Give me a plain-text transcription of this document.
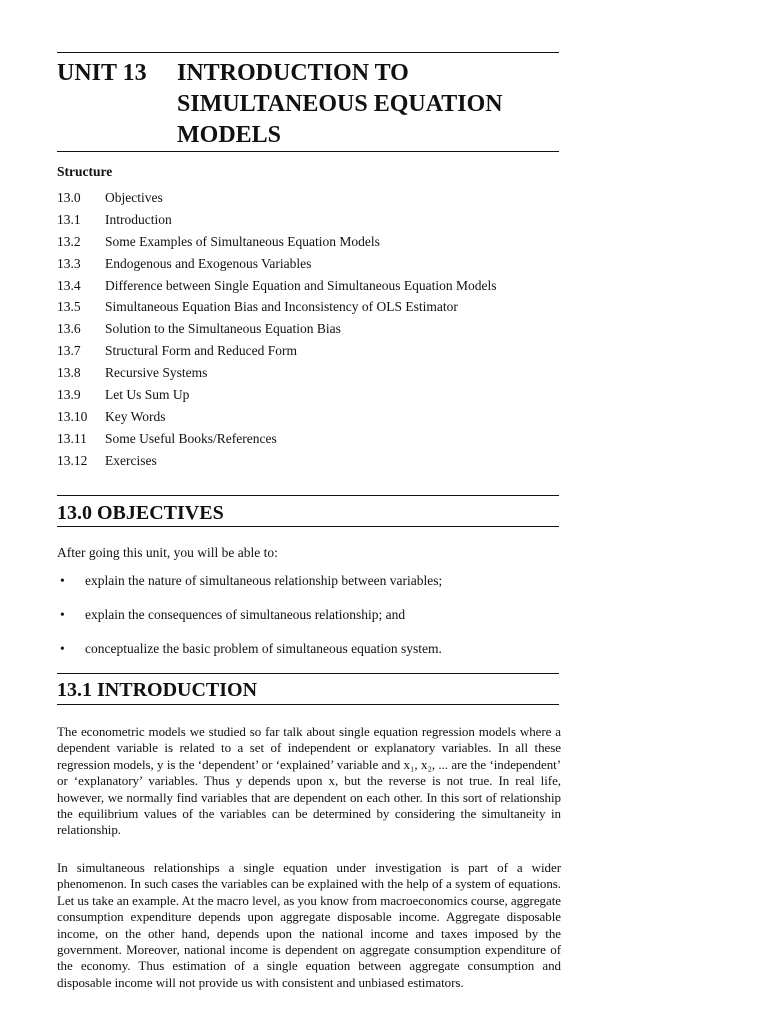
UNIT 13 INTRODUCTION TO
SIMULTANEOUS EQUATION
MODELS
Structure
13.0 Objectives
13.1 Introduction
13.2 Some Examples of Simultaneous Equation Models
13.3 Endogenous and Exogenous Variables
13.4 Difference between Single Equation and Simultaneous Equation Models
13.5 Simultaneous Equation Bias and Inconsistency of OLS Estimator
13.6 Solution to the Simultaneous Equation Bias
13.7 Structural Form and Reduced Form
13.8 Recursive Systems
13.9 Let Us Sum Up
13.10 Key Words
13.11 Some Useful Books/References
13.12 Exercises
13.0 OBJECTIVES
After going this unit, you will be able to:
• explain the nature of simultaneous relationship between variables;
• explain the consequences of simultaneous relationship; and
• conceptualize the basic problem of simultaneous equation system.
13.1 INTRODUCTION
The econometric models we studied so far talk about single equation regression models where a dependent variable is related to a set of independent or explanatory variables. In all these regression models, y is the ‘dependent’ or ‘explained’ variable and x₁, x₂, ... are the ‘independent’ or ‘explanatory’ variables. Thus y depends upon x, but the reverse is not true. In real life, however, we normally find variables that are dependent on each other. In this sort of relationship the equilibrium values of the variables can be determined by considering the simultaneity in relationship.
In simultaneous relationships a single equation under investigation is part of a wider phenomenon. In such cases the variables can be explained with the help of a system of equations. Let us take an example. At the macro level, as you know from macroeconomics course, aggregate consumption expenditure depends upon aggregate disposable income. Aggregate disposable income, on the other hand, depends upon the national income and taxes imposed by the government. Moreover, national income is dependent on aggregate consumption expenditure of the economy. Thus estimation of a single equation between aggregate consumption and disposable income will not provide us with consistent and unbiased estimators.
